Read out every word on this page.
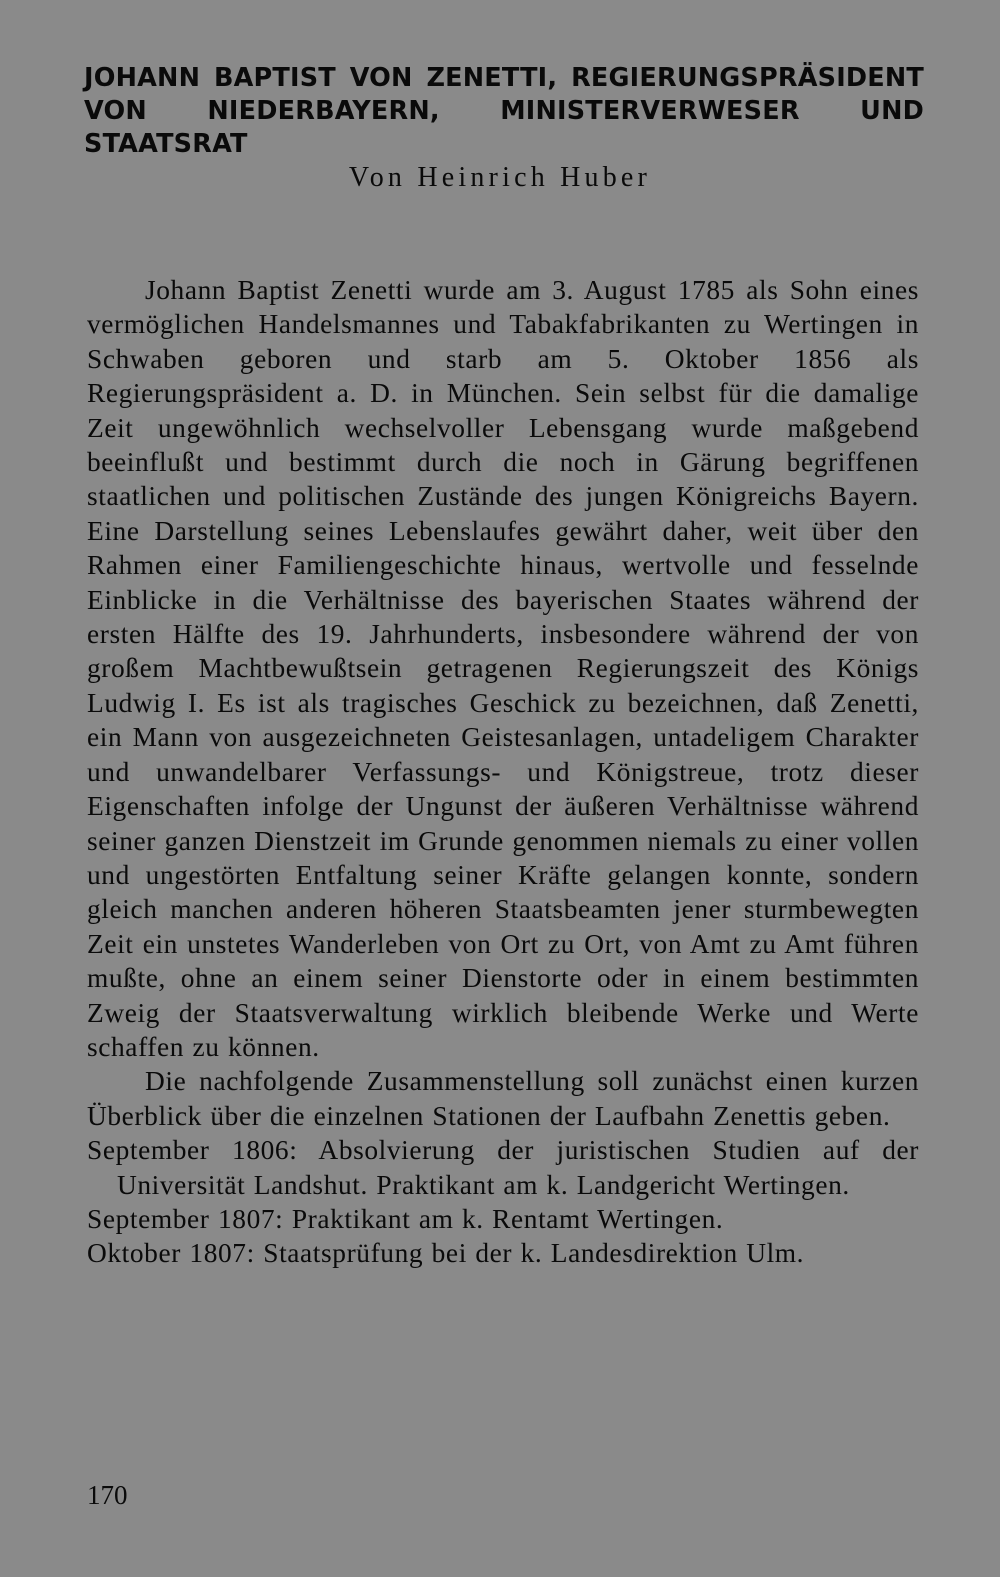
JOHANN BAPTIST VON ZENETTI, REGIERUNGSPRÄSIDENT
VON NIEDERBAYERN, MINISTERVERWESER UND STAATSRAT
Von Heinrich Huber

Johann Baptist Zenetti wurde am 3. August 1785 als Sohn eines vermöglichen Handelsmannes und Tabakfabrikanten zu Wertingen in Schwaben geboren und starb am 5. Oktober 1856 als Regierungspräsident a. D. in München. Sein selbst für die damalige Zeit ungewöhnlich wechselvoller Lebensgang wurde maßgebend beeinflußt und bestimmt durch die noch in Gärung begriffenen staatlichen und politischen Zustände des jungen Königreichs Bayern. Eine Darstellung seines Lebenslaufes gewährt daher, weit über den Rahmen einer Familiengeschichte hinaus, wertvolle und fesselnde Einblicke in die Verhältnisse des bayerischen Staates während der ersten Hälfte des 19. Jahrhunderts, insbesondere während der von großem Machtbewußtsein getragenen Regierungszeit des Königs Ludwig I. Es ist als tragisches Geschick zu bezeichnen, daß Zenetti, ein Mann von ausgezeichneten Geistesanlagen, untadeligem Charakter und unwandelbarer Verfassungs- und Königstreue, trotz dieser Eigenschaften infolge der Ungunst der äußeren Verhältnisse während seiner ganzen Dienstzeit im Grunde genommen niemals zu einer vollen und ungestörten Entfaltung seiner Kräfte gelangen konnte, sondern gleich manchen anderen höheren Staatsbeamten jener sturmbewegten Zeit ein unstetes Wanderleben von Ort zu Ort, von Amt zu Amt führen mußte, ohne an einem seiner Dienstorte oder in einem bestimmten Zweig der Staatsverwaltung wirklich bleibende Werke und Werte schaffen zu können.

Die nachfolgende Zusammenstellung soll zunächst einen kurzen Überblick über die einzelnen Stationen der Laufbahn Zenettis geben.

September 1806: Absolvierung der juristischen Studien auf der Universität Landshut. Praktikant am k. Landgericht Wertingen.

September 1807: Praktikant am k. Rentamt Wertingen.

Oktober 1807: Staatsprüfung bei der k. Landesdirektion Ulm.

170
